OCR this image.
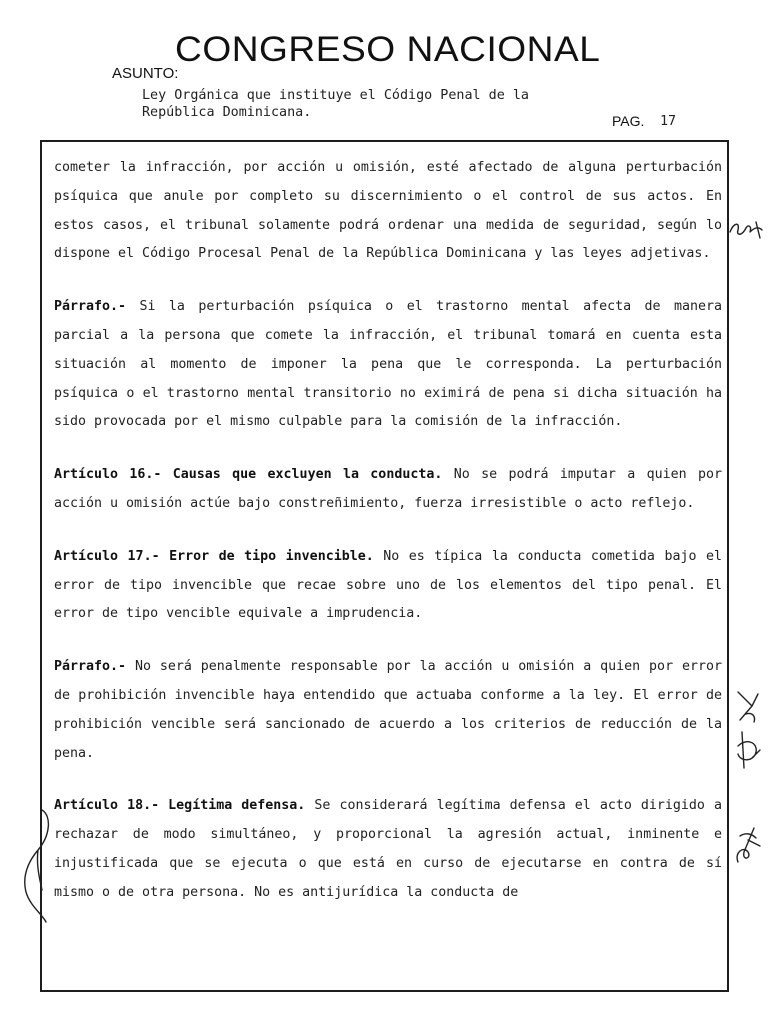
CONGRESO NACIONAL
ASUNTO:
Ley Orgánica que instituye el Código Penal de la
República Dominicana.
PAG. 17

cometer la infracción, por acción u omisión, esté afectado de alguna perturbación psíquica que anule por completo su discernimiento o el control de sus actos. En estos casos, el tribunal solamente podrá ordenar una medida de seguridad, según lo dispone el Código Procesal Penal de la República Dominicana y las leyes adjetivas.

Párrafo.- Si la perturbación psíquica o el trastorno mental afecta de manera parcial a la persona que comete la infracción, el tribunal tomará en cuenta esta situación al momento de imponer la pena que le corresponda. La perturbación psíquica o el trastorno mental transitorio no eximirá de pena si dicha situación ha sido provocada por el mismo culpable para la comisión de la infracción.

Artículo 16.- Causas que excluyen la conducta. No se podrá imputar a quien por acción u omisión actúe bajo constreñimiento, fuerza irresistible o acto reflejo.

Artículo 17.- Error de tipo invencible. No es típica la conducta cometida bajo el error de tipo invencible que recae sobre uno de los elementos del tipo penal. El error de tipo vencible equivale a imprudencia.

Párrafo.- No será penalmente responsable por la acción u omisión a quien por error de prohibición invencible haya entendido que actuaba conforme a la ley. El error de prohibición vencible será sancionado de acuerdo a los criterios de reducción de la pena.

Artículo 18.- Legítima defensa. Se considerará legítima defensa el acto dirigido a rechazar de modo simultáneo, y proporcional la agresión actual, inminente e injustificada que se ejecuta o que está en curso de ejecutarse en contra de sí mismo o de otra persona. No es antijurídica la conducta de
